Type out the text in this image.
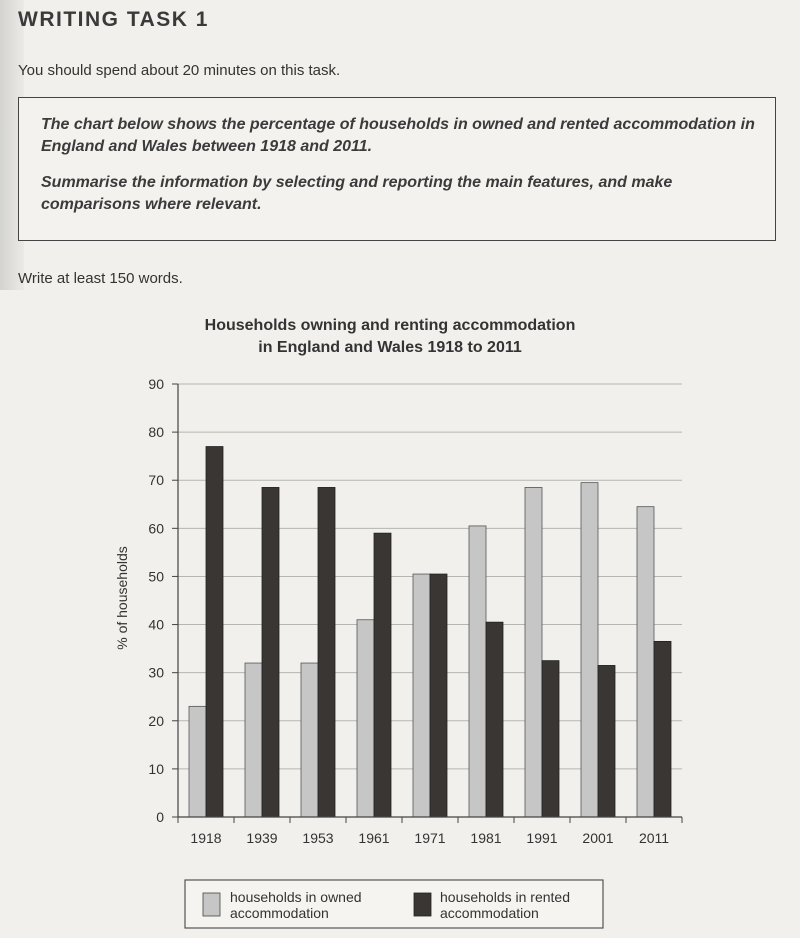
WRITING TASK 1
You should spend about 20 minutes on this task.

The chart below shows the percentage of households in owned and rented accommodation in England and Wales between 1918 and 2011.

Summarise the information by selecting and reporting the main features, and make comparisons where relevant.

Write at least 150 words.
Households owning and renting accommodation
in England and Wales 1918 to 2011
0
10
20
30
40
50
60
70
80
90
1918 1939 1953 1961 1971 1981 1991 2001 2011
% of households
households in owned
accommodation
households in rented
accommodation
